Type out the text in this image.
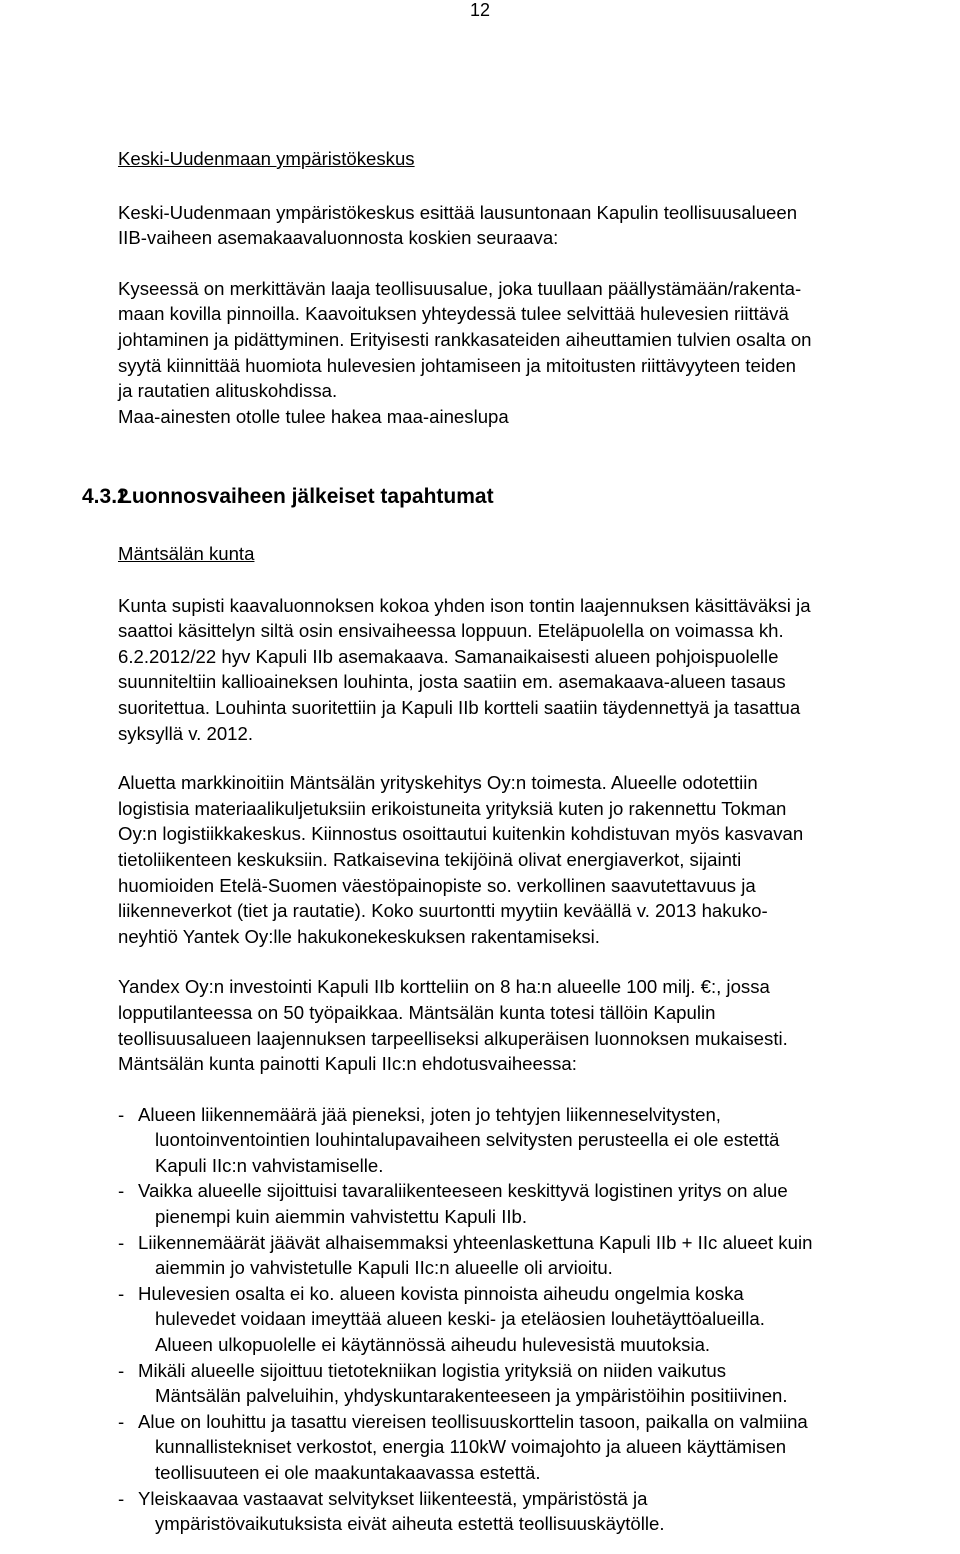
12
Keski-Uudenmaan ympäristökeskus
Keski-Uudenmaan ympäristökeskus esittää lausuntonaan Kapulin teollisuusalueen
IIB-vaiheen asemakaavaluonnosta koskien seuraava:
Kyseessä on merkittävän laaja teollisuusalue, joka tuullaan päällystämään/rakenta-
maan kovilla pinnoilla. Kaavoituksen yhteydessä tulee selvittää hulevesien riittävä
johtaminen ja pidättyminen. Erityisesti rankkasateiden aiheuttamien tulvien osalta on
syytä kiinnittää huomiota hulevesien johtamiseen ja mitoitusten riittävyyteen teiden
ja rautatien alituskohdissa.
Maa-ainesten otolle tulee hakea maa-aineslupa
4.3.2Luonnosvaiheen jälkeiset tapahtumat
Mäntsälän kunta
Kunta supisti kaavaluonnoksen kokoa yhden ison tontin laajennuksen käsittäväksi ja
saattoi käsittelyn siltä osin ensivaiheessa loppuun. Eteläpuolella on voimassa kh.
6.2.2012/22 hyv Kapuli IIb asemakaava. Samanaikaisesti alueen pohjoispuolelle
suunniteltiin kallioaineksen louhinta, josta saatiin em. asemakaava-alueen tasaus
suoritettua. Louhinta suoritettiin ja Kapuli IIb kortteli saatiin täydennettyä ja tasattua
syksyllä v. 2012.
Aluetta markkinoitiin Mäntsälän yrityskehitys Oy:n toimesta. Alueelle odotettiin
logistisia materiaalikuljetuksiin erikoistuneita yrityksiä kuten jo rakennettu Tokman
Oy:n logistiikkakeskus. Kiinnostus osoittautui kuitenkin kohdistuvan myös kasvavan
tietoliikenteen keskuksiin. Ratkaisevina tekijöinä olivat energiaverkot, sijainti
huomioiden Etelä-Suomen väestöpainopiste so. verkollinen saavutettavuus ja
liikenneverkot (tiet ja rautatie). Koko suurtontti myytiin keväällä v. 2013 hakuko-
neyhtiö Yantek Oy:lle hakukonekeskuksen rakentamiseksi.
Yandex Oy:n investointi Kapuli IIb kortteliin on 8 ha:n alueelle 100 milj. €:, jossa
lopputilanteessa on 50 työpaikkaa. Mäntsälän kunta totesi tällöin Kapulin
teollisuusalueen laajennuksen tarpeelliseksi alkuperäisen luonnoksen mukaisesti.
Mäntsälän kunta painotti Kapuli IIc:n ehdotusvaiheessa:
- Alueen liikennemäärä jää pieneksi, joten jo tehtyjen liikenneselvitysten,
luontoinventointien louhintalupavaiheen selvitysten perusteella ei ole estettä
Kapuli IIc:n vahvistamiselle.
- Vaikka alueelle sijoittuisi tavaraliikenteeseen keskittyvä logistinen yritys on alue
pienempi kuin aiemmin vahvistettu Kapuli IIb.
- Liikennemäärät jäävät alhaisemmaksi yhteenlaskettuna Kapuli IIb + IIc alueet kuin
aiemmin jo vahvistetulle Kapuli IIc:n alueelle oli arvioitu.
- Hulevesien osalta ei ko. alueen kovista pinnoista aiheudu ongelmia koska
hulevedet voidaan imeyttää alueen keski- ja eteläosien louhetäyttöalueilla.
Alueen ulkopuolelle ei käytännössä aiheudu hulevesistä muutoksia.
- Mikäli alueelle sijoittuu tietotekniikan logistia yrityksiä on niiden vaikutus
Mäntsälän palveluihin, yhdyskuntarakenteeseen ja ympäristöihin positiivinen.
- Alue on louhittu ja tasattu viereisen teollisuuskorttelin tasoon, paikalla on valmiina
kunnallistekniset verkostot, energia 110kW voimajohto ja alueen käyttämisen
teollisuuteen ei ole maakuntakaavassa estettä.
- Yleiskaavaa vastaavat selvitykset liikenteestä, ympäristöstä ja
ympäristövaikutuksista eivät aiheuta estettä teollisuuskäytölle.
